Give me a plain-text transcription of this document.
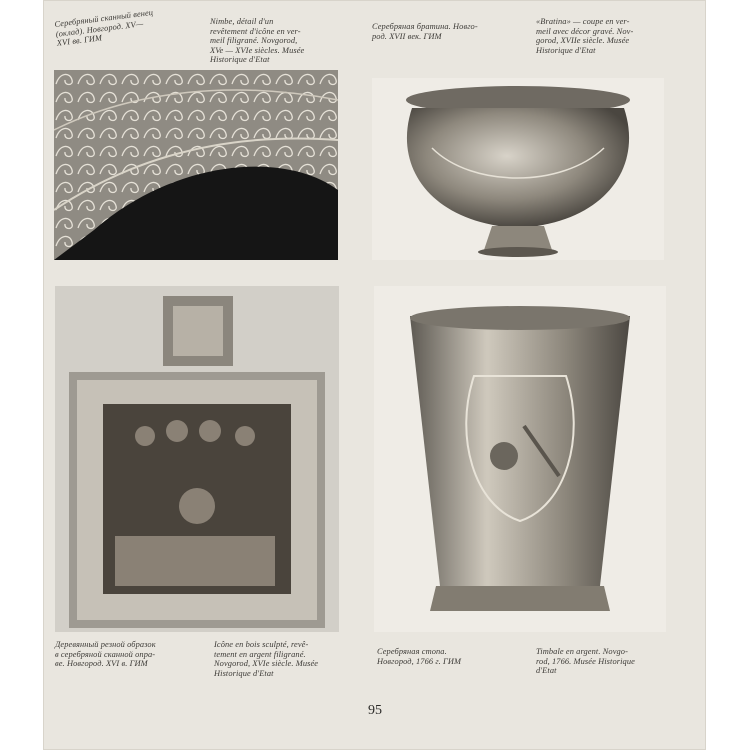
Серебряный сканный венец
(оклад). Новгород. XV—
XVI вв. ГИМ
Nimbe, détail d'un
revêtement d'icône en ver-
meil filigrané. Novgorod,
XVe — XVIe siècles. Musée
Historique d'Etat
Серебряная братина. Новго-
род. XVII век. ГИМ
«Bratina» — coupe en ver-
meil avec décor gravé. Nov-
gorod, XVIIe siècle. Musée
Historique d'Etat
Деревянный резной образок
в серебряной сканной опра-
ве. Новгород. XVI в. ГИМ
Icône en bois sculpté, revê-
tement en argent filigrané.
Novgorod, XVIe siècle. Musée
Historique d'Etat
Серебряная стопа.
Новгород, 1766 г. ГИМ
Timbale en argent. Novgo-
rod, 1766. Musée Historique
d'Etat
95
